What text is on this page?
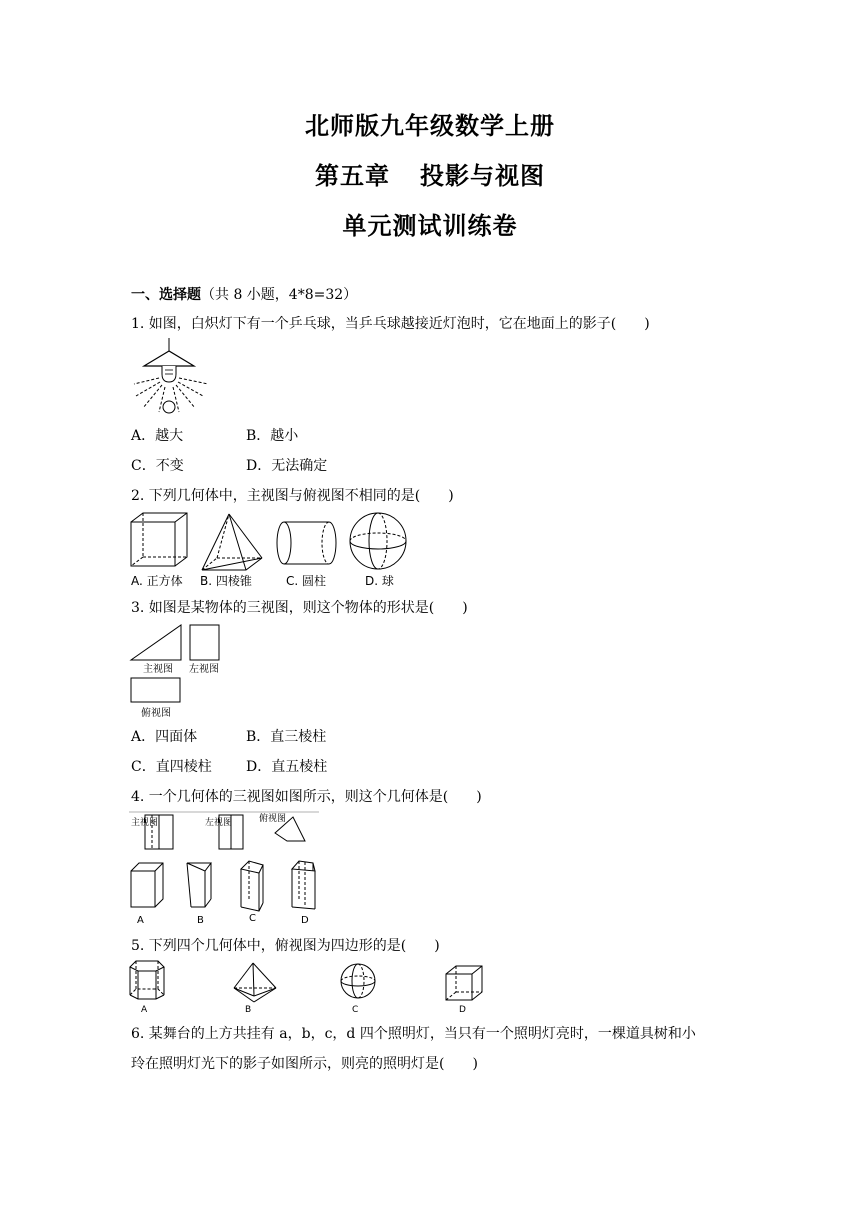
北师版九年级数学上册
第五章 投影与视图
单元测试训练卷
一、选择题（共 8 小题，4*8=32）
1. 如图，白炽灯下有一个乒乓球，当乒乓球越接近灯泡时，它在地面上的影子(　　)
A．越大	B．越小
C．不变	D．无法确定
2. 下列几何体中，主视图与俯视图不相同的是(　　)
A. 正方体 B. 四棱锥	C. 圆柱	D. 球
3. 如图是某物体的三视图，则这个物体的形状是(　　)
主视图 左视图
俯视图
A．四面体	B．直三棱柱
C．直四棱柱 D．直五棱柱
4. 一个几何体的三视图如图所示，则这个几何体是(　　)
主视图	左视图	俯视图
A	B	C	D
5. 下列四个几何体中，俯视图为四边形的是(　　)
A	B	C	D
6. 某舞台的上方共挂有 a，b，c，d 四个照明灯，当只有一个照明灯亮时，一棵道具树和小
玲在照明灯光下的影子如图所示，则亮的照明灯是(　　)
